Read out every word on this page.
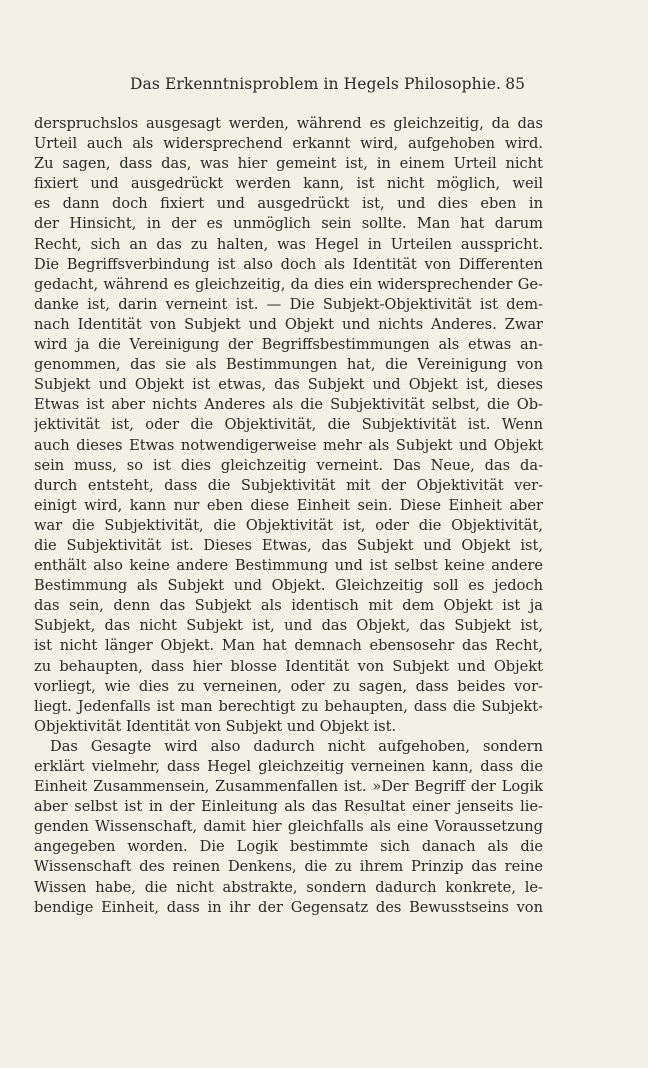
Das Erkenntnisproblem in Hegels Philosophie. 85
derspruchslos ausgesagt werden, während es gleichzeitig, da das
Urteil auch als widersprechend erkannt wird, aufgehoben wird.
Zu sagen, dass das, was hier gemeint ist, in einem Urteil nicht
fixiert und ausgedrückt werden kann, ist nicht möglich, weil
es dann doch fixiert und ausgedrückt ist, und dies eben in
der Hinsicht, in der es unmöglich sein sollte. Man hat darum
Recht, sich an das zu halten, was Hegel in Urteilen ausspricht.
Die Begriffsverbindung ist also doch als Identität von Differenten
gedacht, während es gleichzeitig, da dies ein widersprechender Ge-
danke ist, darin verneint ist. — Die Subjekt-Objektivität ist dem-
nach Identität von Subjekt und Objekt und nichts Anderes. Zwar
wird ja die Vereinigung der Begriffsbestimmungen als etwas an-
genommen, das sie als Bestimmungen hat, die Vereinigung von
Subjekt und Objekt ist etwas, das Subjekt und Objekt ist, dieses
Etwas ist aber nichts Anderes als die Subjektivität selbst, die Ob-
jektivität ist, oder die Objektivität, die Subjektivität ist. Wenn
auch dieses Etwas notwendigerweise mehr als Subjekt und Objekt
sein muss, so ist dies gleichzeitig verneint. Das Neue, das da-
durch entsteht, dass die Subjektivität mit der Objektivität ver-
einigt wird, kann nur eben diese Einheit sein. Diese Einheit aber
war die Subjektivität, die Objektivität ist, oder die Objektivität,
die Subjektivität ist. Dieses Etwas, das Subjekt und Objekt ist,
enthält also keine andere Bestimmung und ist selbst keine andere
Bestimmung als Subjekt und Objekt. Gleichzeitig soll es jedoch
das sein, denn das Subjekt als identisch mit dem Objekt ist ja
Subjekt, das nicht Subjekt ist, und das Objekt, das Subjekt ist,
ist nicht länger Objekt. Man hat demnach ebensosehr das Recht,
zu behaupten, dass hier blosse Identität von Subjekt und Objekt
vorliegt, wie dies zu verneinen, oder zu sagen, dass beides vor-
liegt. Jedenfalls ist man berechtigt zu behaupten, dass die Subjekt-
Objektivität Identität von Subjekt und Objekt ist.
Das Gesagte wird also dadurch nicht aufgehoben, sondern
erklärt vielmehr, dass Hegel gleichzeitig verneinen kann, dass die
Einheit Zusammensein, Zusammenfallen ist. »Der Begriff der Logik
aber selbst ist in der Einleitung als das Resultat einer jenseits lie-
genden Wissenschaft, damit hier gleichfalls als eine Voraussetzung
angegeben worden. Die Logik bestimmte sich danach als die
Wissenschaft des reinen Denkens, die zu ihrem Prinzip das reine
Wissen habe, die nicht abstrakte, sondern dadurch konkrete, le-
bendige Einheit, dass in ihr der Gegensatz des Bewusstseins von
